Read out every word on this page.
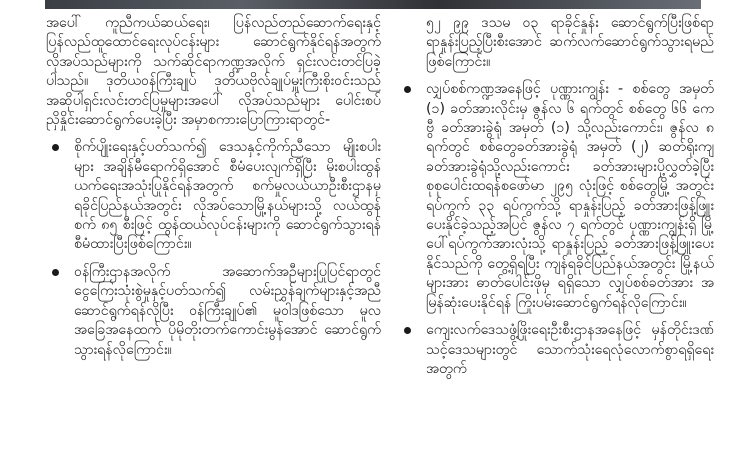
အပေါ် ကူညီကယ်ဆယ်ရေး၊ ပြန်လည်တည်ဆောက်ရေးနှင့် ပြန်လည်ထူထောင်ရေးလုပ်ငန်းများ ဆောင်ရွက်နိုင်ရန်အတွက် လိုအပ်သည်များကို သက်ဆိုင်ရာကဏ္ဍအလိုက် ရှင်းလင်းတင်ပြခဲ့ပါသည်။ ဒုတိယဝန်ကြီးချုပ် ဒုတိယဗိုလ်ချုပ်မှူးကြီးစိုးဝင်းသည် အဆိုပါရှင်းလင်းတင်ပြမှုများအပေါ် လိုအပ်သည်များ ပေါင်းစပ်ညှိနှိုင်းဆောင်ရွက်ပေးခဲ့ပြီး အမှာစကားပြောကြားရာတွင်-

စိုက်ပျိုးရေးနှင့်ပတ်သက်၍ ဒေသနှင့်ကိုက်ညီသော မျိုးစပါးများ အချိန်မီရောက်ရှိအောင် စီမံပေးလျက်ရှိပြီး မိုးစပါးထွန်ယက်ရေးအသုံးပြုနိုင်ရန်အတွက် စက်မှုလယ်ယာဦးစီးဌာနမှ ရခိုင်ပြည်နယ်အတွင်း လိုအပ်သောမြို့နယ်များသို့ လယ်ထွန်စက် ၈၅ စီးဖြင့် ထွန်ထယ်လုပ်ငန်းများကို ဆောင်ရွက်သွားရန် စီမံထားပြီးဖြစ်ကြောင်း။
ဝန်ကြီးဌာနအလိုက် အဆောက်အဦများပြုပြင်ရာတွင် ငွေကြေးသုံးစွဲမှုနှင့်ပတ်သက်၍ လမ်းညွှန်ချက်များနှင့်အညီ ဆောင်ရွက်ရန်လိုပြီး ဝန်ကြီးချုပ်၏ မူဝါဒဖြစ်သော မူလအခြေအနေထက် ပိုမိုတိုးတက်ကောင်းမွန်အောင် ဆောင်ရွက်သွားရန်လိုကြောင်း။

၅၂ ၉၉ ဒသမ ၀၃ ရာခိုင်နှုန်း ဆောင်ရွက်ပြီးဖြစ်ရာ ရာနှုန်းပြည့်ပြီးစီးအောင် ဆက်လက်ဆောင်ရွက်သွားရမည်ဖြစ်ကြောင်း။

လျှပ်စစ်ကဏ္ဍအနေဖြင့် ပုဏ္ဏားကျွန်း - စစ်တွေ အမှတ် (၁) ခတ်အားလိုင်းမှ ဇွန်လ ၆ ရက်တွင် စစ်တွေ ၆၆ ကေဗွီ ခတ်အားခွဲရုံ အမှတ် (၁) သို့လည်းကောင်း၊ ဇွန်လ ၈ ရက်တွင် စစ်တွေခတ်အားခွဲရုံ အမှတ် (၂) ဆတ်ရိုးကျ ခတ်အားခွဲရုံသို့လည်းကောင်း ခတ်အားများပို့လွှတ်ခဲ့ပြီး စုစုပေါင်းထရန်စဖော်မာ ၂၉၅ လုံးဖြင့် စစ်တွေမြို့ အတွင်း ရပ်ကွက် ၃၃ ရပ်ကွက်သို့ ရာနှုန်းပြည့် ခတ်အားဖြန့်ဖြူးပေးနိုင်ခဲ့သည့်အပြင် ဇွန်လ ၇ ရက်တွင် ပုဏ္ဏားကျွန်းရှိ မြို့ပေါ်ရပ်ကွက်အားလုံးသို့ ရာနှုန်းပြည့် ခတ်အားဖြန့်ဖြူးပေးနိုင်သည်ကို တွေ့ရှိရပြီး ကျန်ရခိုင်ပြည်နယ်အတွင်း မြို့နယ်များအား ဓာတ်ပေါင်းဖိုမှ ရရှိသော လျှပ်စစ်ခတ်အား အမြန်ဆုံးပေးနိုင်ရန် ကြိုးပမ်းဆောင်ရွက်ရန်လိုကြောင်း။
ကျေးလက်ဒေသဖွံ့ဖြိုးရေးဦးစီးဌာနအနေဖြင့် မှန်တိုင်းဒဏ်သင့်ဒေသများတွင် သောက်သုံးရေလုံလောက်စွာရရှိရေးအတွက်
